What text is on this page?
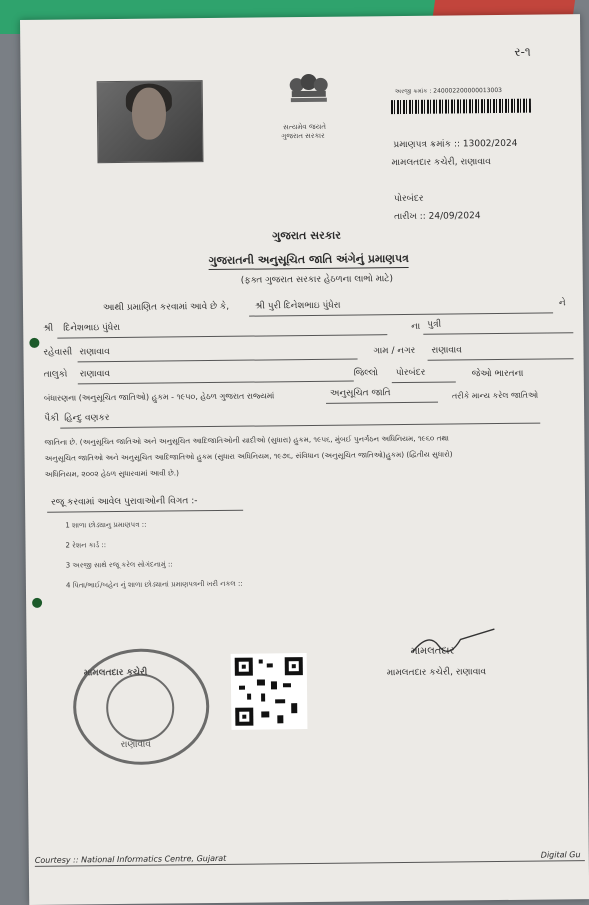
ર-૧
સત્યમેવ જયતે
ગુજરાત સરકાર
અરજી ક્રમાંક : 240002200000013003
પ્રમાણપત્ર ક્રમાંક :: 13002/2024
મામલતદાર કચેરી, રાણાવાવ
પોરબંદર
તારીખ :: 24/09/2024
ગુજરાત સરકાર
ગુજરાતની અનુસૂચિત જાતિ અંગેનું પ્રમાણપત્ર
(ફક્ત ગુજરાત સરકાર હેઠળના લાભો માટે)
આથી પ્રમાણિત કરવામાં આવે છે કે,	શ્રી પુરી દિનેશભાઇ પુંધેરા	ને
શ્રી દિનેશભાઇ પુંધેરા	ના પુત્રી
રહેવાસી રાણાવાવ	ગામ / નગર રાણાવાવ
તાલુકો રાણાવાવ	જિલ્લો પોરબંદર	જેઓ ભારતના
બંધારણના (અનુસૂચિત જાતિઓ) હુકમ - ૧૯૫૦, હેઠળ ગુજરાત રાજ્યમાં	અનુસૂચિત જાતિ	તરીકે માન્ય કરેલ જાતિઓ
પૈકી હિન્દુ વણકર
જાતિના છે. (અનુસૂચિત જાતિઓ અને અનુસૂચિત આદિજાતિઓની યાદીઓ (સુધારા) હુકમ, ૧૯૫૬, મુંબઈ પુનર્ગઠન અધિનિયમ, ૧૯૬૦ તથા
અનુસૂચિત જાતિઓ અને અનુસૂચિત આદિજાતિઓ હુકમ (સુધારા અધિનિયમ, ૧૯૭૬, સંવિધાન (અનુસૂચિત જાતિઓ)હુકમ) (દ્વિતીય સુધારો)
અધિનિયમ, ૨૦૦૨ હેઠળ સુધારવામાં આવી છે.)
રજૂ કરવામાં આવેલ પુરાવાઓની વિગત :-
1 શાળા છોડ્યાનુ પ્રમાણપત્ર ::
2 રેશન કાર્ડ ::
3 અરજી સાથે રજૂ કરેલ સોગંદનામું ::
4 પિતા/ભાઈ/બહેન નું શાળા છોડ્યાનાં પ્રમાણપત્રની ખરી નકલ ::
મામલતદાર
મામલતદાર કચેરી, રાણાવાવ
મામલતદાર કચેરી
રાણાવાવ
Courtesy :: National Informatics Centre, Gujarat	Digital Gu
